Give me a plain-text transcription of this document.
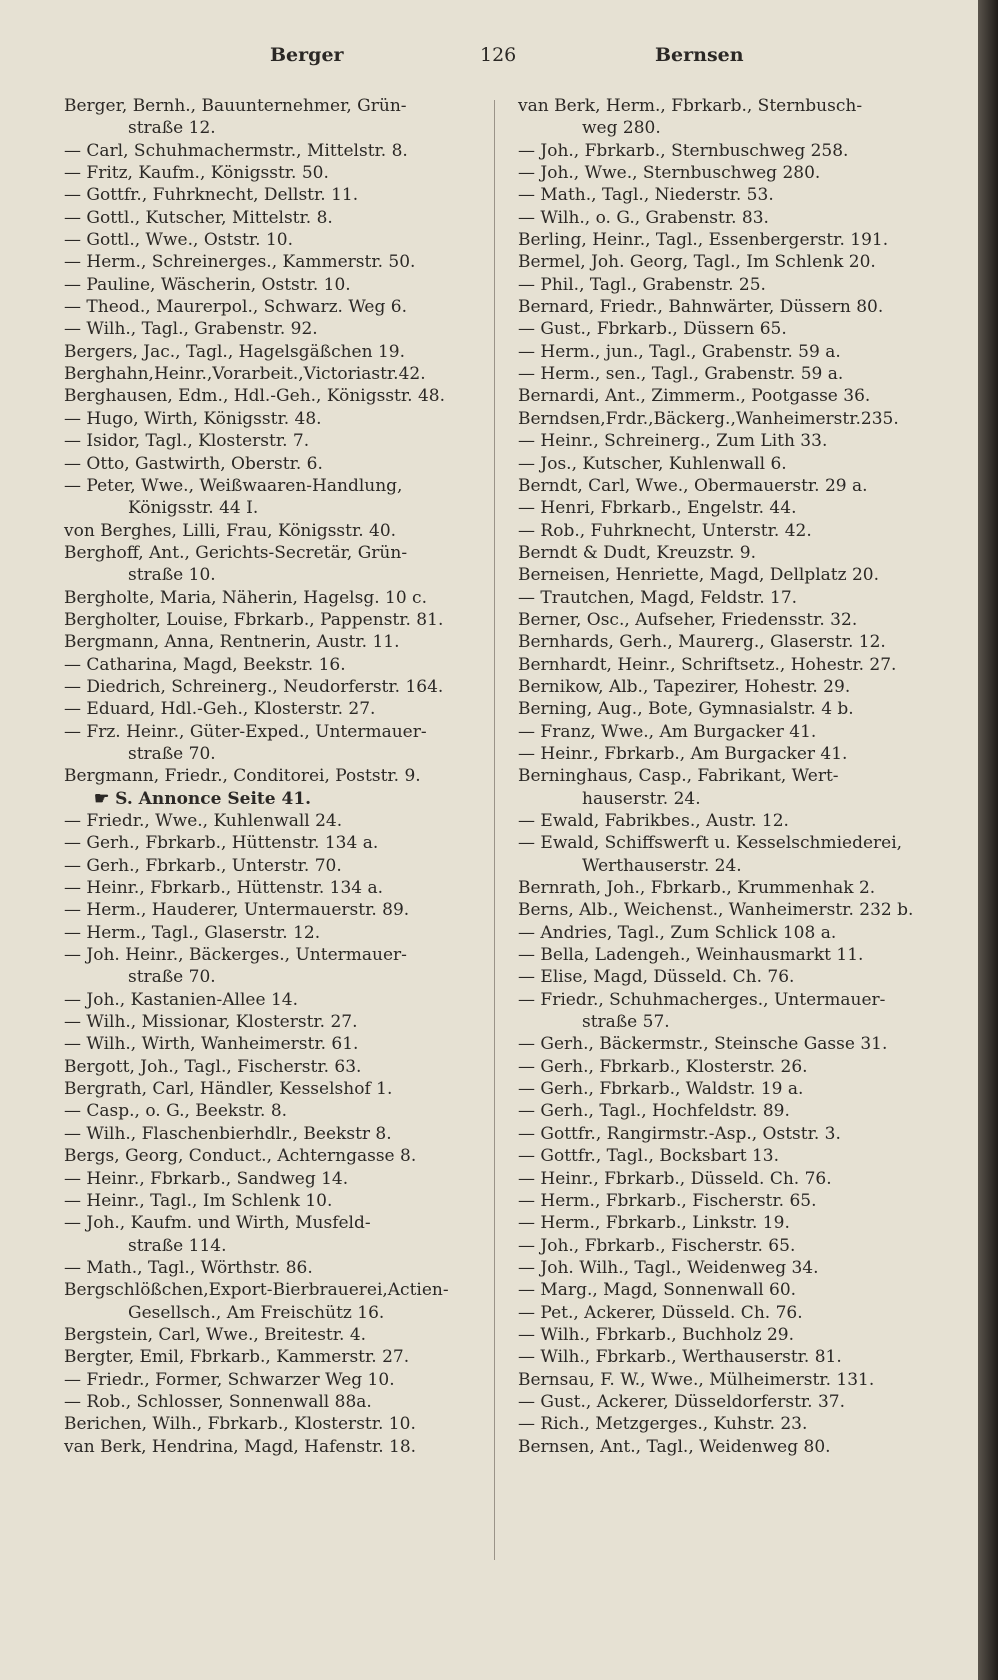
Berger	126	Bernsen
Berger, Bernh., Bauunternehmer, Grün-
straße 12.
— Carl, Schuhmachermstr., Mittelstr. 8.
— Fritz, Kaufm., Königsstr. 50.
— Gottfr., Fuhrknecht, Dellstr. 11.
— Gottl., Kutscher, Mittelstr. 8.
— Gottl., Wwe., Oststr. 10.
— Herm., Schreinerges., Kammerstr. 50.
— Pauline, Wäscherin, Oststr. 10.
— Theod., Maurerpol., Schwarz. Weg 6.
— Wilh., Tagl., Grabenstr. 92.
Bergers, Jac., Tagl., Hagelsgäßchen 19.
Berghahn,Heinr.,Vorarbeit.,Victoriastr.42.
Berghausen, Edm., Hdl.-Geh., Königsstr. 48.
— Hugo, Wirth, Königsstr. 48.
— Isidor, Tagl., Klosterstr. 7.
— Otto, Gastwirth, Oberstr. 6.
— Peter, Wwe., Weißwaaren-Handlung,
Königsstr. 44 I.
von Berghes, Lilli, Frau, Königsstr. 40.
Berghoff, Ant., Gerichts-Secretär, Grün-
straße 10.
Bergholte, Maria, Näherin, Hagelsg. 10 c.
Bergholter, Louise, Fbrkarb., Pappenstr. 81.
Bergmann, Anna, Rentnerin, Austr. 11.
— Catharina, Magd, Beekstr. 16.
— Diedrich, Schreinerg., Neudorferstr. 164.
— Eduard, Hdl.-Geh., Klosterstr. 27.
— Frz. Heinr., Güter-Exped., Untermauer-
straße 70.
Bergmann, Friedr., Conditorei, Poststr. 9.
☛ S. Annonce Seite 41.
— Friedr., Wwe., Kuhlenwall 24.
— Gerh., Fbrkarb., Hüttenstr. 134 a.
— Gerh., Fbrkarb., Unterstr. 70.
— Heinr., Fbrkarb., Hüttenstr. 134 a.
— Herm., Hauderer, Untermauerstr. 89.
— Herm., Tagl., Glaserstr. 12.
— Joh. Heinr., Bäckerges., Untermauer-
straße 70.
— Joh., Kastanien-Allee 14.
— Wilh., Missionar, Klosterstr. 27.
— Wilh., Wirth, Wanheimerstr. 61.
Bergott, Joh., Tagl., Fischerstr. 63.
Bergrath, Carl, Händler, Kesselshof 1.
— Casp., o. G., Beekstr. 8.
— Wilh., Flaschenbierhdlr., Beekstr 8.
Bergs, Georg, Conduct., Achterngasse 8.
— Heinr., Fbrkarb., Sandweg 14.
— Heinr., Tagl., Im Schlenk 10.
— Joh., Kaufm. und Wirth, Musfeld-
straße 114.
— Math., Tagl., Wörthstr. 86.
Bergschlößchen,Export-Bierbrauerei,Actien-
Gesellsch., Am Freischütz 16.
Bergstein, Carl, Wwe., Breitestr. 4.
Bergter, Emil, Fbrkarb., Kammerstr. 27.
— Friedr., Former, Schwarzer Weg 10.
— Rob., Schlosser, Sonnenwall 88a.
Berichen, Wilh., Fbrkarb., Klosterstr. 10.
van Berk, Hendrina, Magd, Hafenstr. 18.
van Berk, Herm., Fbrkarb., Sternbusch-
weg 280.
— Joh., Fbrkarb., Sternbuschweg 258.
— Joh., Wwe., Sternbuschweg 280.
— Math., Tagl., Niederstr. 53.
— Wilh., o. G., Grabenstr. 83.
Berling, Heinr., Tagl., Essenbergerstr. 191.
Bermel, Joh. Georg, Tagl., Im Schlenk 20.
— Phil., Tagl., Grabenstr. 25.
Bernard, Friedr., Bahnwärter, Düssern 80.
— Gust., Fbrkarb., Düssern 65.
— Herm., jun., Tagl., Grabenstr. 59 a.
— Herm., sen., Tagl., Grabenstr. 59 a.
Bernardi, Ant., Zimmerm., Pootgasse 36.
Berndsen,Frdr.,Bäckerg.,Wanheimerstr.235.
— Heinr., Schreinerg., Zum Lith 33.
— Jos., Kutscher, Kuhlenwall 6.
Berndt, Carl, Wwe., Obermauerstr. 29 a.
— Henri, Fbrkarb., Engelstr. 44.
— Rob., Fuhrknecht, Unterstr. 42.
Berndt & Dudt, Kreuzstr. 9.
Berneisen, Henriette, Magd, Dellplatz 20.
— Trautchen, Magd, Feldstr. 17.
Berner, Osc., Aufseher, Friedensstr. 32.
Bernhards, Gerh., Maurerg., Glaserstr. 12.
Bernhardt, Heinr., Schriftsetz., Hohestr. 27.
Bernikow, Alb., Tapezirer, Hohestr. 29.
Berning, Aug., Bote, Gymnasialstr. 4 b.
— Franz, Wwe., Am Burgacker 41.
— Heinr., Fbrkarb., Am Burgacker 41.
Berninghaus, Casp., Fabrikant, Wert-
hauserstr. 24.
— Ewald, Fabrikbes., Austr. 12.
— Ewald, Schiffswerft u. Kesselschmiederei,
Werthauserstr. 24.
Bernrath, Joh., Fbrkarb., Krummenhak 2.
Berns, Alb., Weichenst., Wanheimerstr. 232 b.
— Andries, Tagl., Zum Schlick 108 a.
— Bella, Ladengeh., Weinhausmarkt 11.
— Elise, Magd, Düsseld. Ch. 76.
— Friedr., Schuhmacherges., Untermauer-
straße 57.
— Gerh., Bäckermstr., Steinsche Gasse 31.
— Gerh., Fbrkarb., Klosterstr. 26.
— Gerh., Fbrkarb., Waldstr. 19 a.
— Gerh., Tagl., Hochfeldstr. 89.
— Gottfr., Rangirmstr.-Asp., Oststr. 3.
— Gottfr., Tagl., Bocksbart 13.
— Heinr., Fbrkarb., Düsseld. Ch. 76.
— Herm., Fbrkarb., Fischerstr. 65.
— Herm., Fbrkarb., Linkstr. 19.
— Joh., Fbrkarb., Fischerstr. 65.
— Joh. Wilh., Tagl., Weidenweg 34.
— Marg., Magd, Sonnenwall 60.
— Pet., Ackerer, Düsseld. Ch. 76.
— Wilh., Fbrkarb., Buchholz 29.
— Wilh., Fbrkarb., Werthauserstr. 81.
Bernsau, F. W., Wwe., Mülheimerstr. 131.
— Gust., Ackerer, Düsseldorferstr. 37.
— Rich., Metzgerges., Kuhstr. 23.
Bernsen, Ant., Tagl., Weidenweg 80.
